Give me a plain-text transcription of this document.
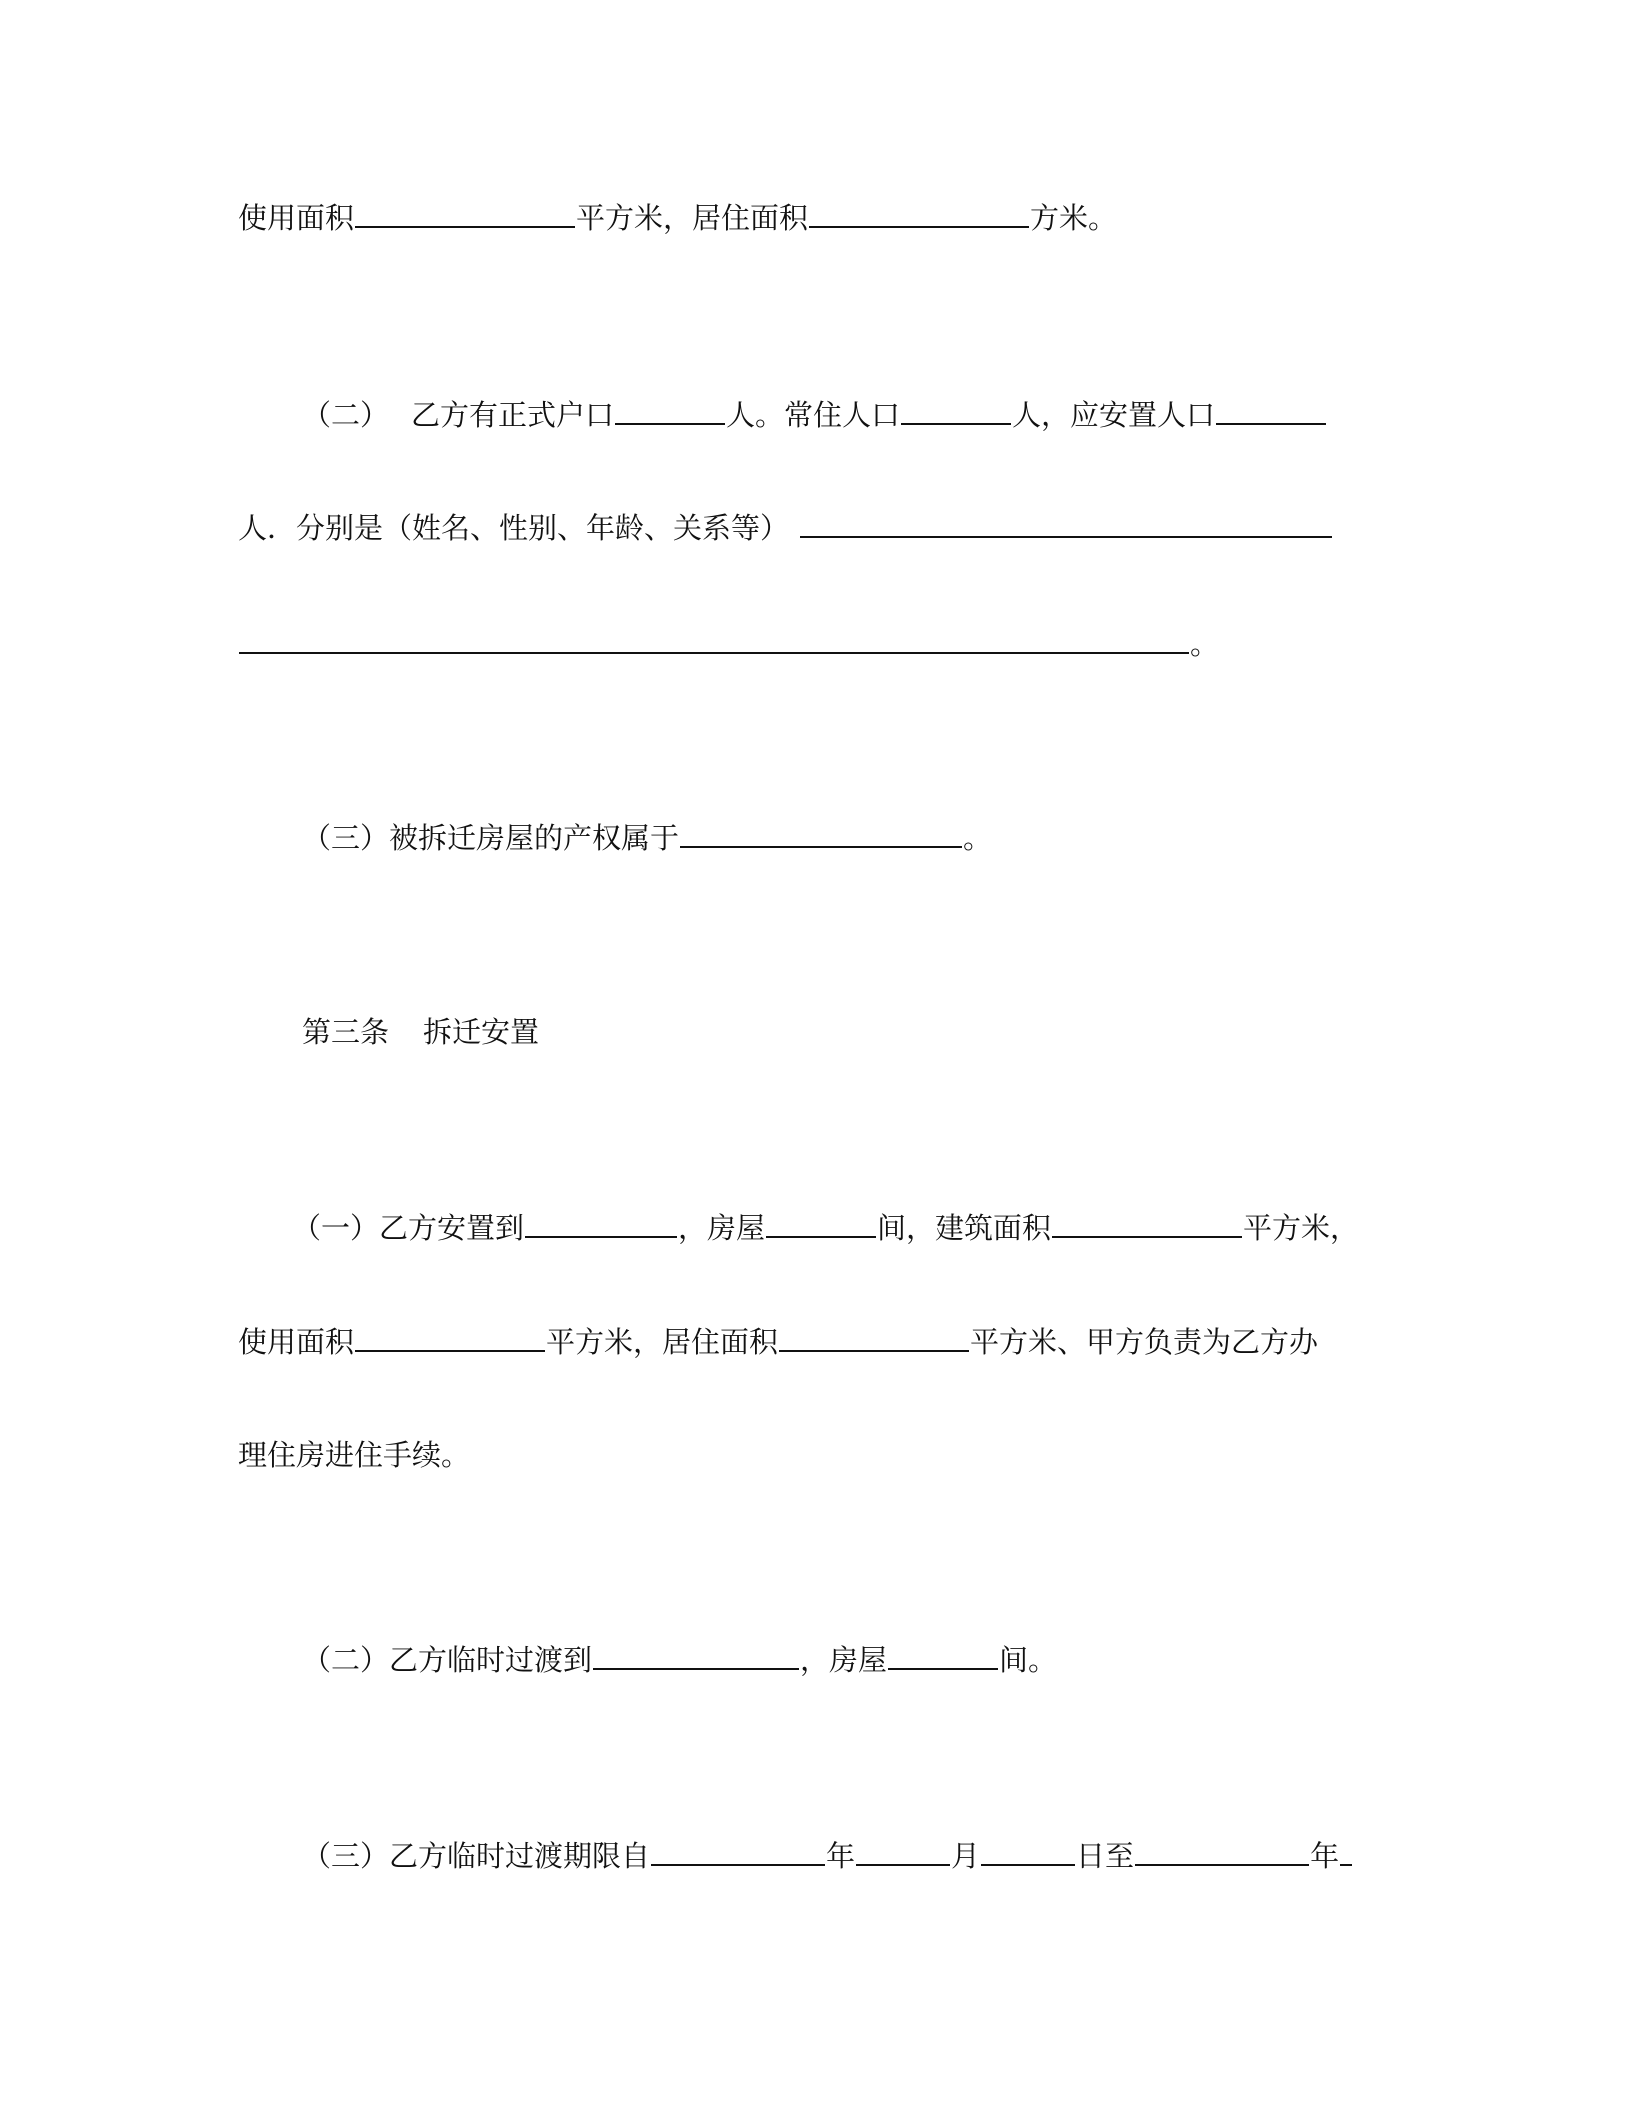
使用面积	平方米，居住面积	方米。
（二） 乙方有正式户口	人。常住人口	人，应安置人口
人．分别是（姓名、性别、年龄、关系等）
。
（三）被拆迁房屋的产权属于	。
第三条 拆迁安置
（一）乙方安置到	，房屋	间，建筑面积	平方米，
使用面积	平方米，居住面积	平方米、甲方负责为乙方办
理住房进住手续。
（二）乙方临时过渡到	，房屋	间。
（三）乙方临时过渡期限自	年	月	日至	年
